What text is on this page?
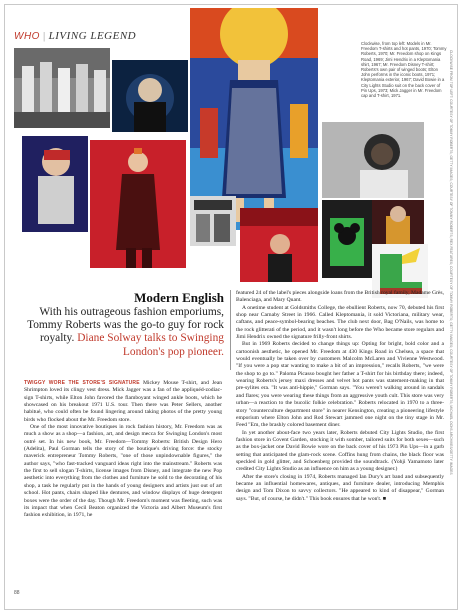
WHO | LIVING LEGEND
Clockwise, from top left: Models in Mr. Freedom T-shirts and hot pants, 1970; Tommy Roberts, 1970; Mr. Freedom shop on Kings Road, 1969; Jimi Hendrix in a Kleptomania shirt, 1967; Mr. Freedom Disney T-shirt; Roberts's own pair of winged boots; Elton John performs in the iconic boots, 1971; Kleptomania exterior, 1967; David Bowie in a City Lights Studio suit on the back cover of Pin Ups, 1973; Mick Jagger in Mr. Freedom cap and T-shirt, 1971.	CLOCKWISE FROM TOP LEFT: COURTESY OF TOMMY ROBERTS; GETTY IMAGES; COURTESY OF TOMMY ROBERTS; REX FEATURES; COURTESY OF TOMMY ROBERTS; GETTY IMAGES; COURTESY OF TOMMY ROBERTS; MICHAEL OCHS ARCHIVES/GETTY IMAGES
Modern English
With his outrageous fashion emporiums, Tommy Roberts was the go-to guy for rock royalty. Diane Solway talks to Swinging London's pop pioneer.

TWIGGY WORE THE STORE'S SIGNATURE Mickey Mouse T-shirt, and Jean Shrimpton loved its clingy vest dress. Mick Jagger was a fan of the appliquéd-zodiac-sign T-shirts, while Elton John favored the flamboyant winged ankle boots, which he showcased on his breakout 1971 U.S. tour. Then there was Peter Sellers, another habitué, who could often be found lingering around taking photos of the pretty young birds who flocked about the Mr. Freedom store.

One of the most innovative boutiques in rock fashion history, Mr. Freedom was as much a show as a shop—a fashion, art, and design mecca for Swinging London's most outré set. In his new book, Mr. Freedom—Tommy Roberts: British Design Hero (Adelita), Paul Gorman tells the story of the boutique's driving force: the stocky maverick entrepreneur Tommy Roberts, "one of those unpindownable figures," the author says, "who fast-tracked vanguard ideas right into the mainstream." Roberts was the first to sell slogan T-shirts, license images from Disney, and integrate the new Pop aesthetic into everything from the clothes and furniture he sold to the decorating of his shop, a task he regularly put in the hands of young designers and artists just out of art school. Hot pants, chairs shaped like dentures, and window displays of huge detergent boxes were the order of the day. Though Mr. Freedom's moment was fleeting, such was its impact that when Cecil Beaton organized the Victoria and Albert Museum's first fashion exhibition, in 1971, he

featured 24 of the label's pieces alongside loans from the British royal family, Madame Grès, Balenciaga, and Mary Quant.

A onetime student at Goldsmiths College, the ebullient Roberts, now 70, debuted his first shop near Carnaby Street in 1966. Called Kleptomania, it sold Victoriana, military wear, caftans, and peace-symbol-bearing beaches. The club next door, Bag O'Nails, was home to the rock glitterati of the period, and it wasn't long before the Who became store regulars and Jimi Hendrix owned the signature frilly-front shirts.

But in 1969 Roberts decided to change things up: Opting for bright, bold color and a cartoonish aesthetic, he opened Mr. Freedom at 430 Kings Road in Chelsea, a space that would eventually be taken over by customers Malcolm McLaren and Vivienne Westwood. "If you were a pop star wanting to make a bit of an impression," recalls Roberts, "we were the shop to go to." Paloma Picasso bought her father a T-shirt for his birthday there; indeed, wearing Roberts's jersey maxi dresses and velvet hot pants was statement-making in that pre-sylites era. "It was anti-hippie," Gorman says. "You weren't walking around in sandals and flares; you were wearing these things from an aggressive youth cult. This store was very urban—a reaction to the bucolic folkie celebration." Roberts relocated in 1970 to a three-story "counterculture department store" in nearer Kensington, creating a pioneering lifestyle emporium where Elton John and Rod Stewart jammed one night on the tiny stage in Mr. Feed "Em, the brashly colored basement diner.

In yet another about-face two years later, Roberts debuted City Lights Studio, the first fashion store in Covent Garden, stocking it with somber, tailored suits for both sexes—such as the box-jacket one David Bowie wore on the back cover of his 1973 Pin Ups—in a garb setting that anticipated the glam-rock scene. Coffins hung from chains, the black floor was speckled in gold glitter, and Schoenberg provided the soundtrack. (Yohji Yamamoto later credited City Lights Studio as an influence on him as a young designer.)

After the store's closing in 1974, Roberts managed Ian Dury's art band and subsequently became an influential homewares, antiques, and furniture dealer, introducing Memphis design and Tom Dixon to savvy collectors. "He appeared to kind of disappear," Gorman says. "But, of course, he didn't." This book ensures that he won't. ■

88
